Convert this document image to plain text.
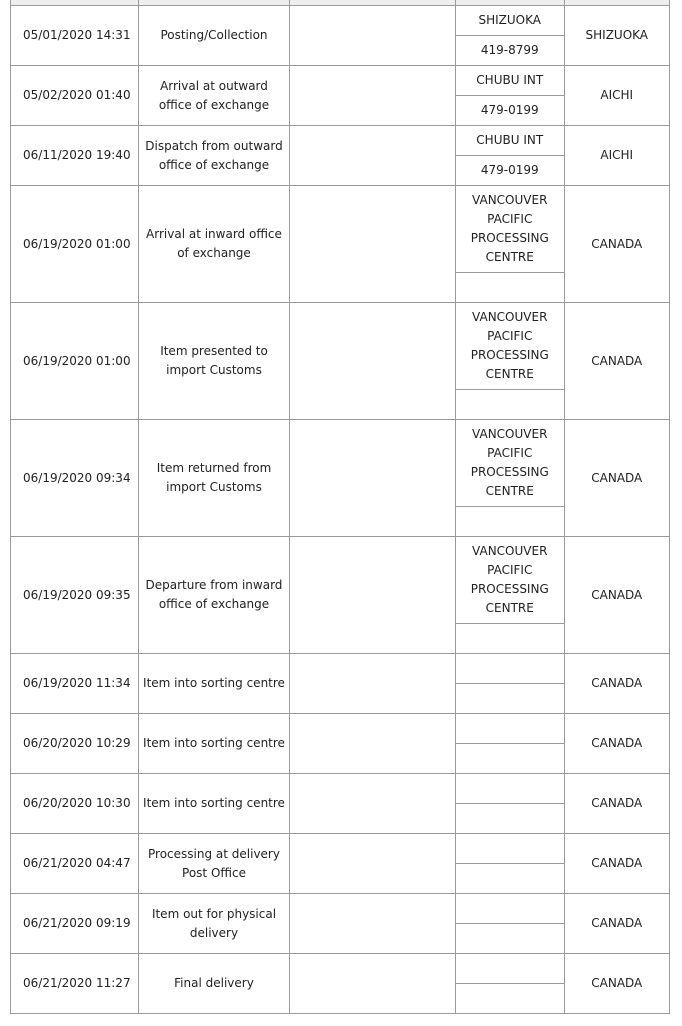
05/01/2020 14:31	Posting/Collection		SHIZUOKA	SHIZUOKA
			419-8799	
05/02/2020 01:40	Arrival at outward office of exchange		CHUBU INT	AICHI
			479-0199	
06/11/2020 19:40	Dispatch from outward office of exchange		CHUBU INT	AICHI
			479-0199	
06/19/2020 01:00	Arrival at inward office of exchange		VANCOUVER PACIFIC PROCESSING CENTRE	CANADA

06/19/2020 01:00	Item presented to import Customs		VANCOUVER PACIFIC PROCESSING CENTRE	CANADA

06/19/2020 09:34	Item returned from import Customs		VANCOUVER PACIFIC PROCESSING CENTRE	CANADA

06/19/2020 09:35	Departure from inward office of exchange		VANCOUVER PACIFIC PROCESSING CENTRE	CANADA

06/19/2020 11:34	Item into sorting centre			CANADA

06/20/2020 10:29	Item into sorting centre			CANADA

06/20/2020 10:30	Item into sorting centre			CANADA

06/21/2020 04:47	Processing at delivery Post Office			CANADA

06/21/2020 09:19	Item out for physical delivery			CANADA

06/21/2020 11:27	Final delivery			CANADA
